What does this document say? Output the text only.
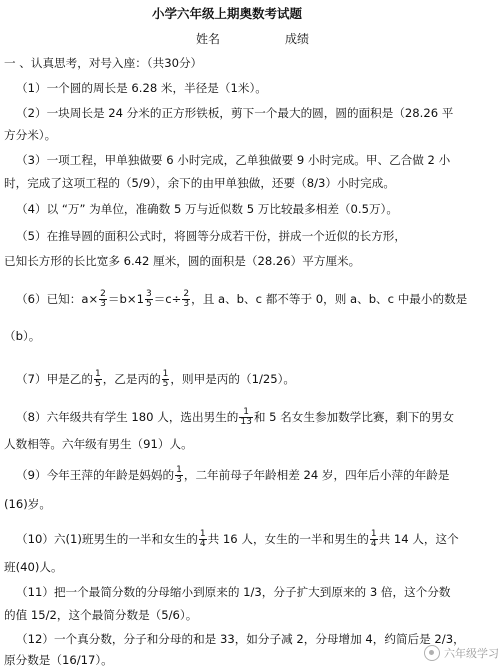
小学六年级上期奥数考试题
姓名	成绩
一 、认真思考，对号入座：（共30分）
（1）一个圆的周长是 6.28 米，半径是（1米）。
（2）一块周长是 24 分米的正方形铁板，剪下一个最大的圆，圆的面积是（28.26 平
方分米）。
（3）一项工程，甲单独做要 6 小时完成，乙单独做要 9 小时完成。甲、乙合做 2 小
时，完成了这项工程的（5/9），余下的由甲单独做，还要（8/3）小时完成。
（4）以 “万” 为单位，准确数 5 万与近似数 5 万比较最多相差（0.5万）。
（5）在推导圆的面积公式时，将圆等分成若干份，拼成一个近似的长方形，
已知长方形的长比宽多 6.42 厘米，圆的面积是（28.26）平方厘米。
（6）已知：$a\times \frac{2}{3} =b\times 1 \frac{3}{5} =c\div \frac{2}{3}$ ，且 a、b、c 都不等于 0，则 a、b、c 中最小的数是
（b）。
（7）甲是乙的 $\frac{1}{5}$ ，乙是丙的 $\frac{1}{5}$ ，则甲是丙的（1/25）。
（8）六年级共有学生 180 人，选出男生的 $\frac{1}{13}$ 和 5 名女生参加数学比赛，剩下的男女
人数相等。六年级有男生（91）人。
（9）今年王萍的年龄是妈妈的 $\frac{1}{3}$ ，二年前母子年龄相差 24 岁，四年后小萍的年龄是
(16)岁。
（10）六(1)班男生的一半和女生的 $\frac{1}{4}$ 共 16 人，女生的一半和男生的 $\frac{1}{4}$ 共 14 人，这个
班(40)人。
（11）把一个最简分数的分母缩小到原来的 1/3，分子扩大到原来的 3 倍，这个分数
的值 15/2，这个最简分数是（5/6）。
（12）一个真分数，分子和分母的和是 33，如分子减 2，分母增加 4，约简后是 2/3，
原分数是（16/17）。	六年级学习
